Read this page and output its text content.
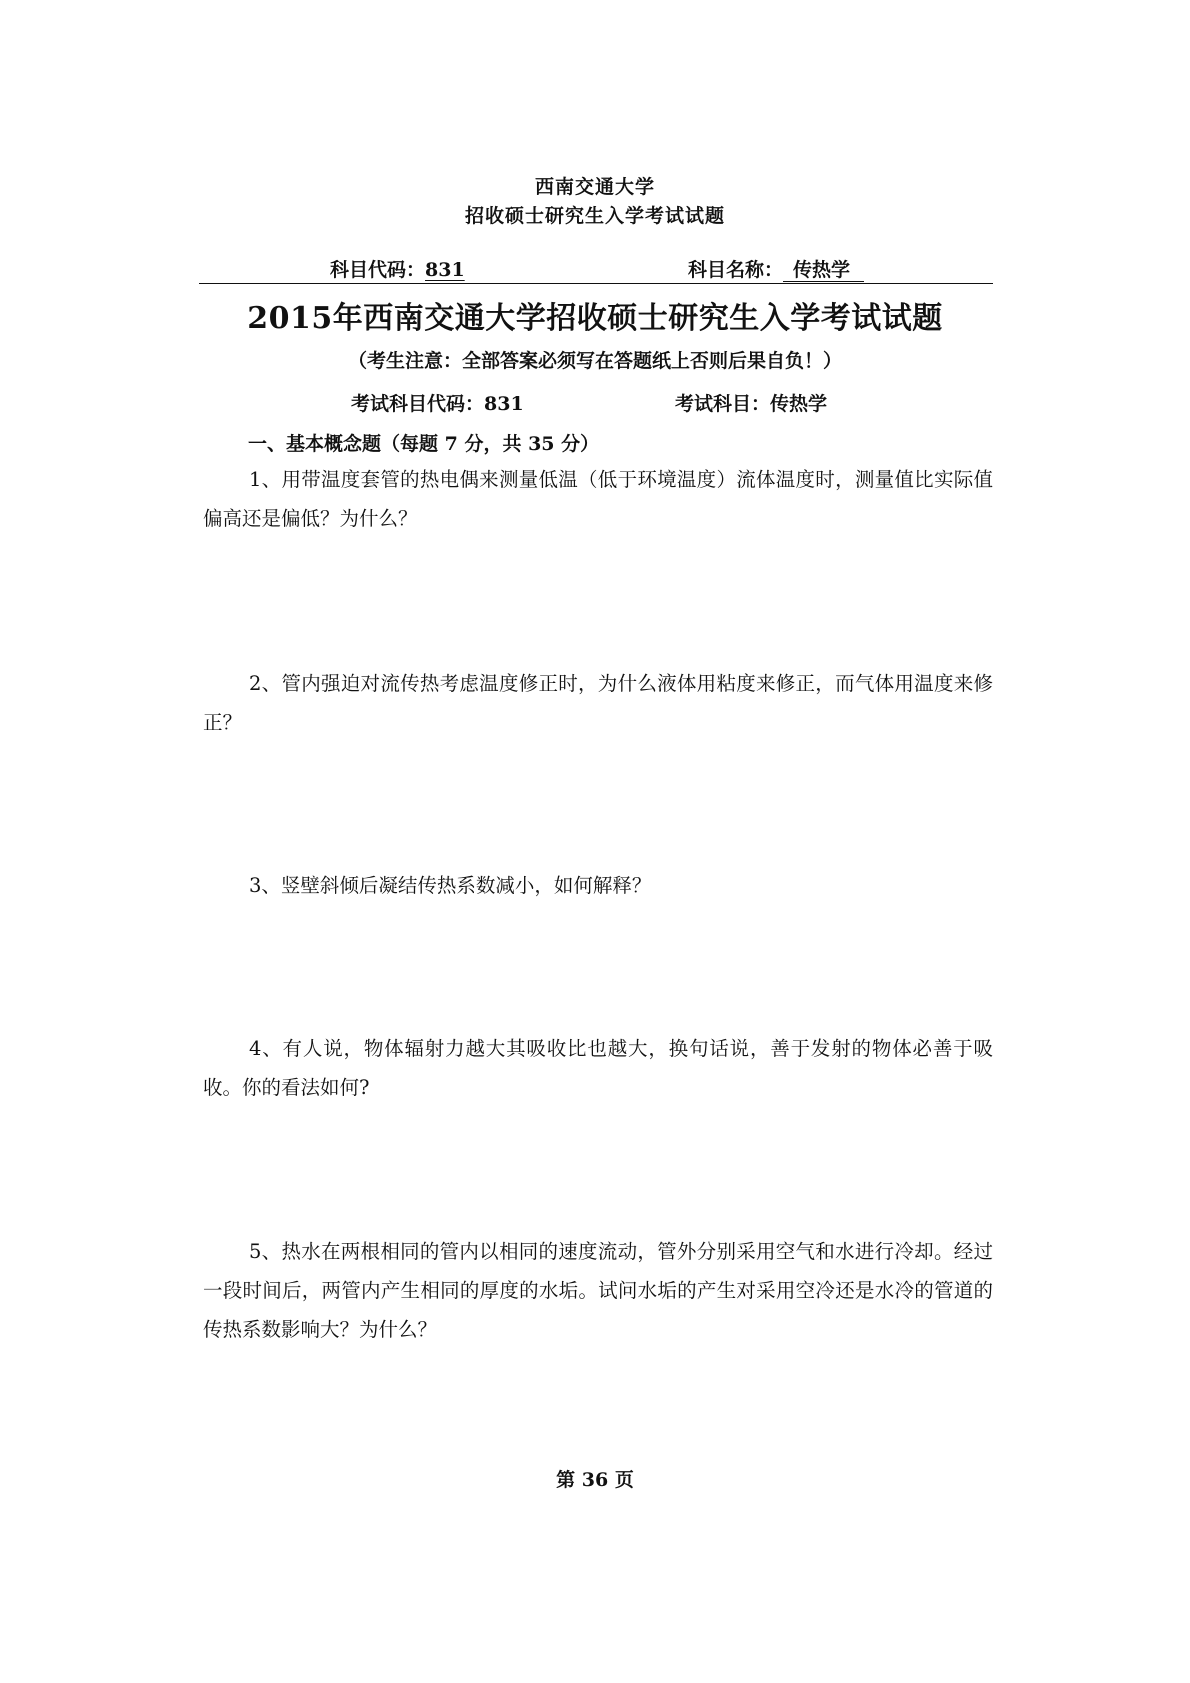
西南交通大学
招收硕士研究生入学考试试题
科目代码：831	科目名称： 传热学
2015年西南交通大学招收硕士研究生入学考试试题
（考生注意：全部答案必须写在答题纸上否则后果自负！）
考试科目代码：831	考试科目：传热学
一、基本概念题（每题 7 分，共 35 分）

1、用带温度套管的热电偶来测量低温（低于环境温度）流体温度时，测量值比实际值偏高还是偏低？为什么？

2、管内强迫对流传热考虑温度修正时，为什么液体用粘度来修正，而气体用温度来修正？

3、竖壁斜倾后凝结传热系数减小，如何解释？

4、有人说，物体辐射力越大其吸收比也越大，换句话说，善于发射的物体必善于吸收。你的看法如何?

5、热水在两根相同的管内以相同的速度流动，管外分别采用空气和水进行冷却。经过一段时间后，两管内产生相同的厚度的水垢。试问水垢的产生对采用空冷还是水冷的管道的传热系数影响大？为什么？

第 36 页
